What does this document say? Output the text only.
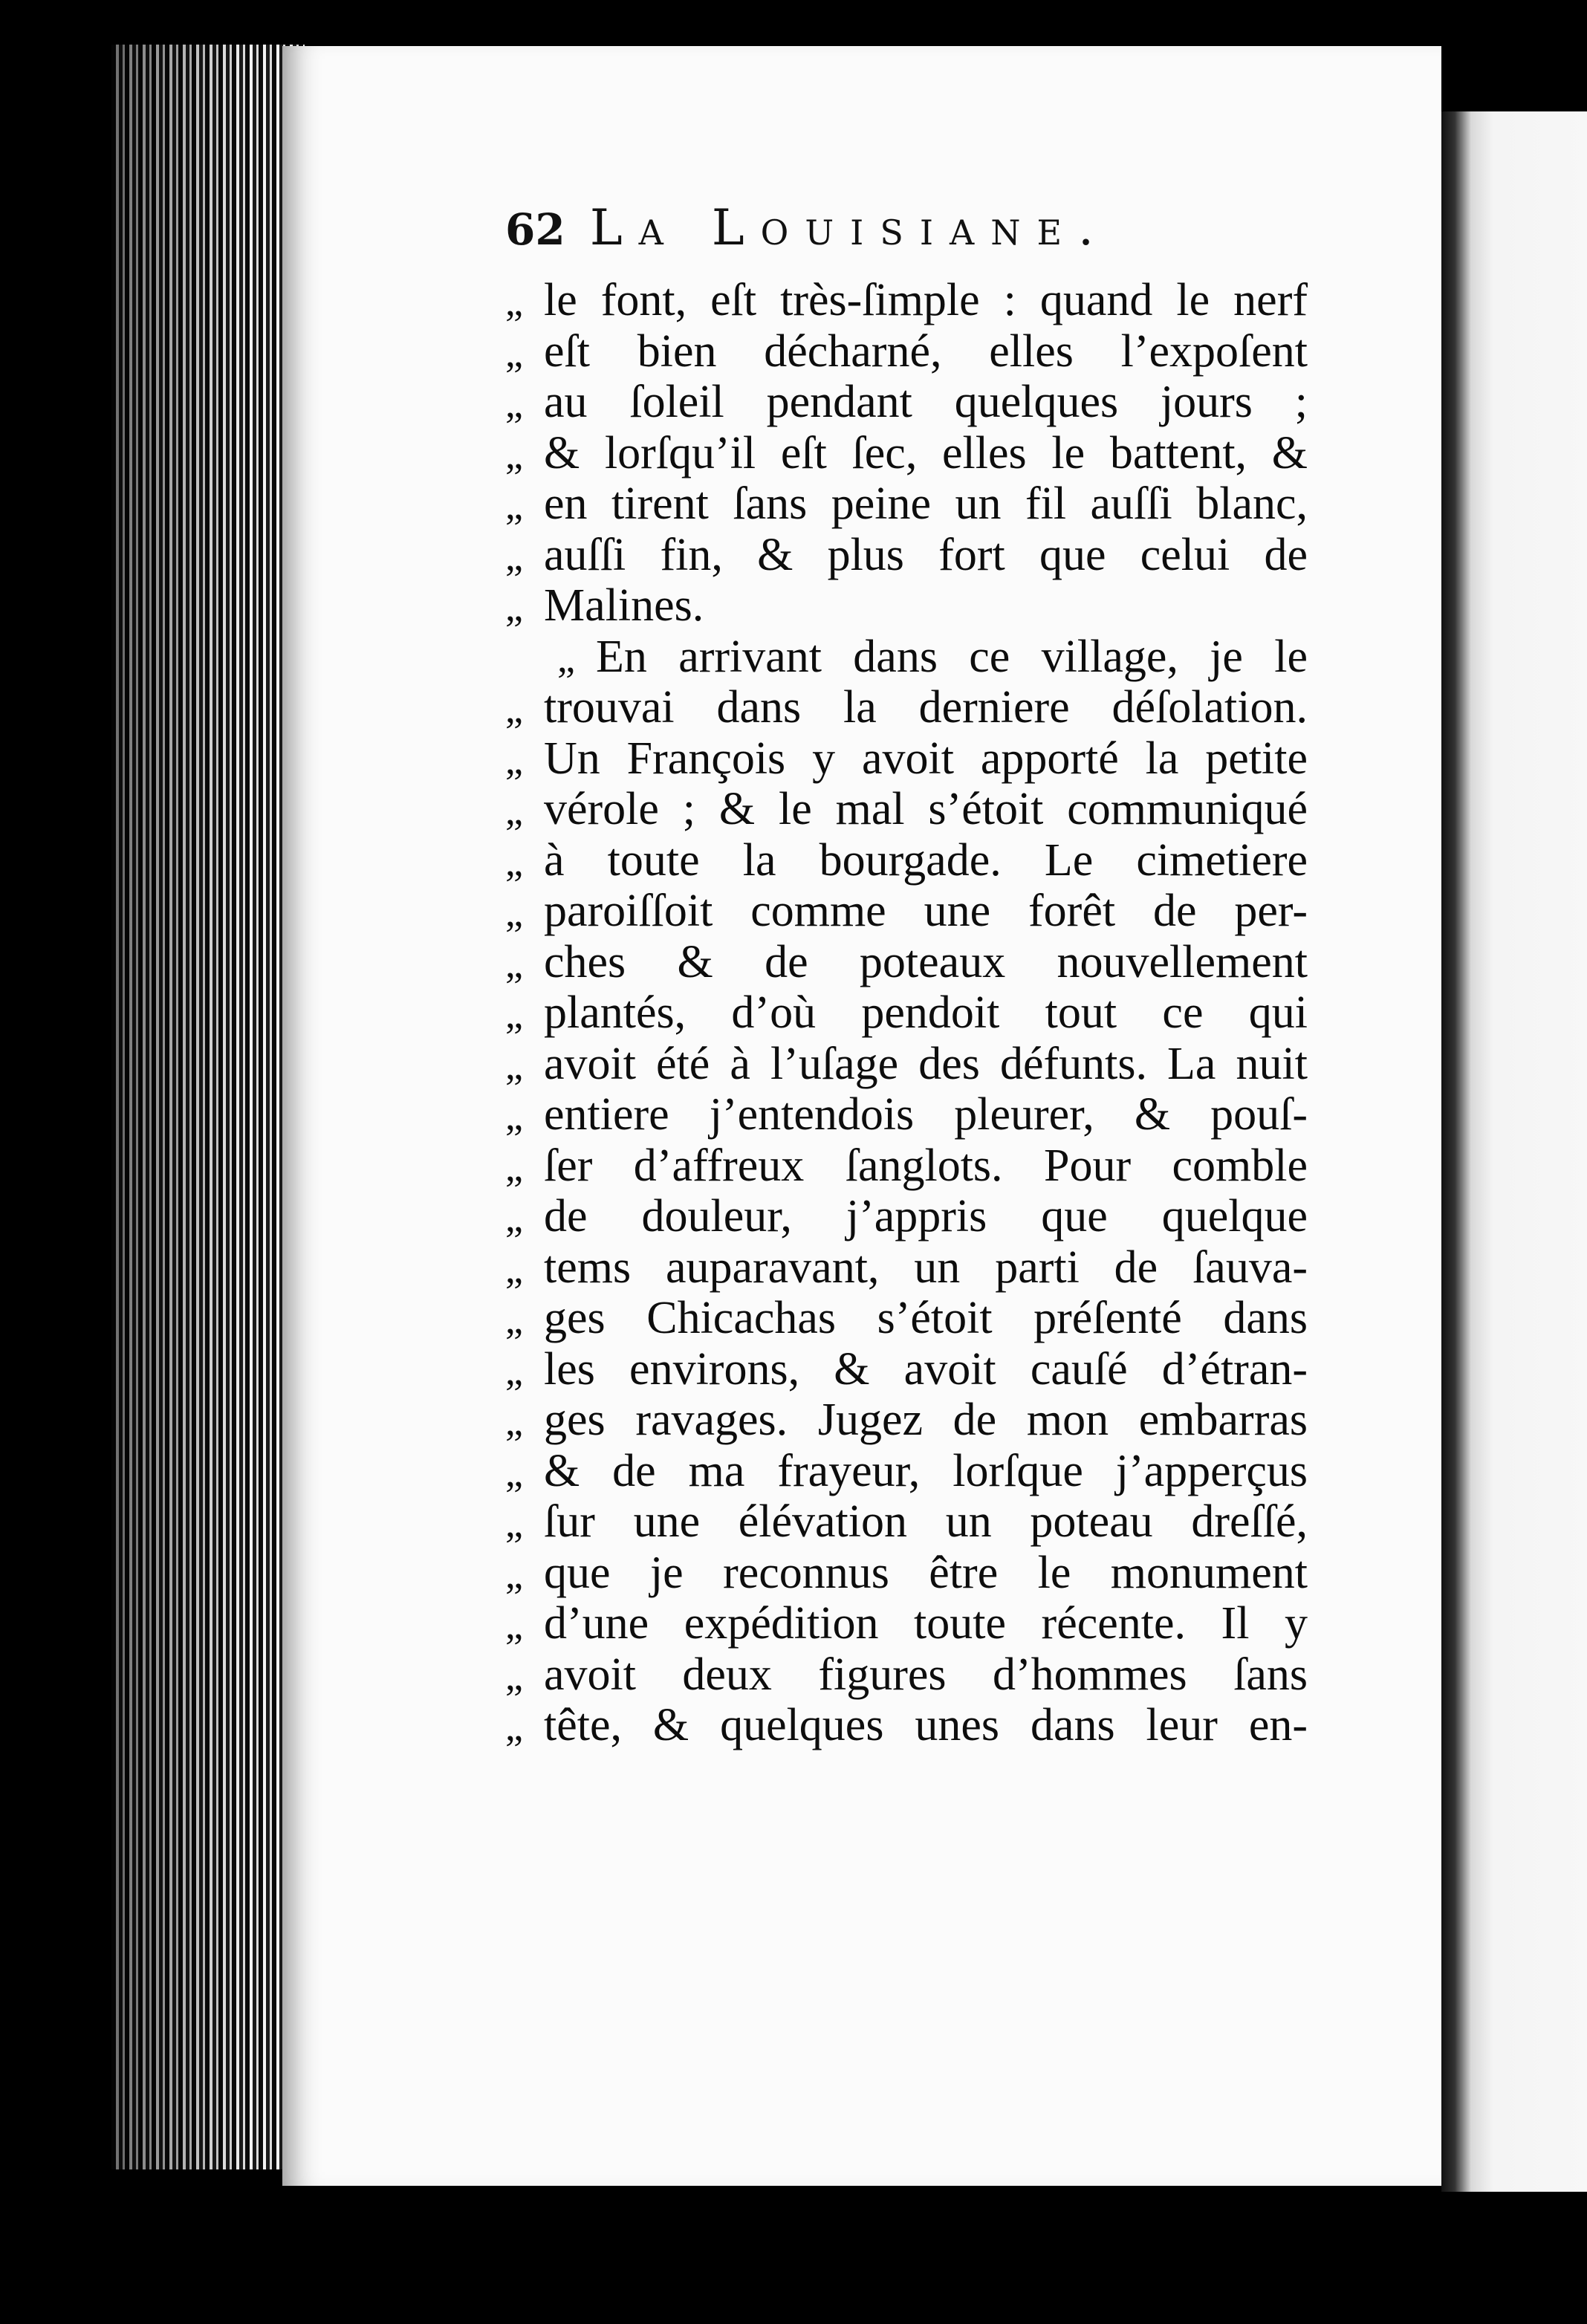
62 La Louisiane.
„ le font, eſt très-ſimple : quand le nerf
„ eſt bien décharné, elles l’expoſent
„ au ſoleil pendant quelques jours ;
„ & lorſqu’il eſt ſec, elles le battent, &
„ en tirent ſans peine un fil auſſi blanc,
„ auſſi fin, & plus fort que celui de
„ Malines.
„ En arrivant dans ce village, je le
„ trouvai dans la derniere déſolation.
„ Un François y avoit apporté la petite
„ vérole ; & le mal s’étoit communiqué
„ à toute la bourgade. Le cimetiere
„ paroiſſoit comme une forêt de per-
„ ches & de poteaux nouvellement
„ plantés, d’où pendoit tout ce qui
„ avoit été à l’uſage des défunts. La nuit
„ entiere j’entendois pleurer, & pouſ-
„ ſer d’affreux ſanglots. Pour comble
„ de douleur, j’appris que quelque
„ tems auparavant, un parti de ſauva-
„ ges Chicachas s’étoit préſenté dans
„ les environs, & avoit cauſé d’étran-
„ ges ravages. Jugez de mon embarras
„ & de ma frayeur, lorſque j’apperçus
„ ſur une élévation un poteau dreſſé,
„ que je reconnus être le monument
„ d’une expédition toute récente. Il y
„ avoit deux figures d’hommes ſans
„ tête, & quelques unes dans leur en-
